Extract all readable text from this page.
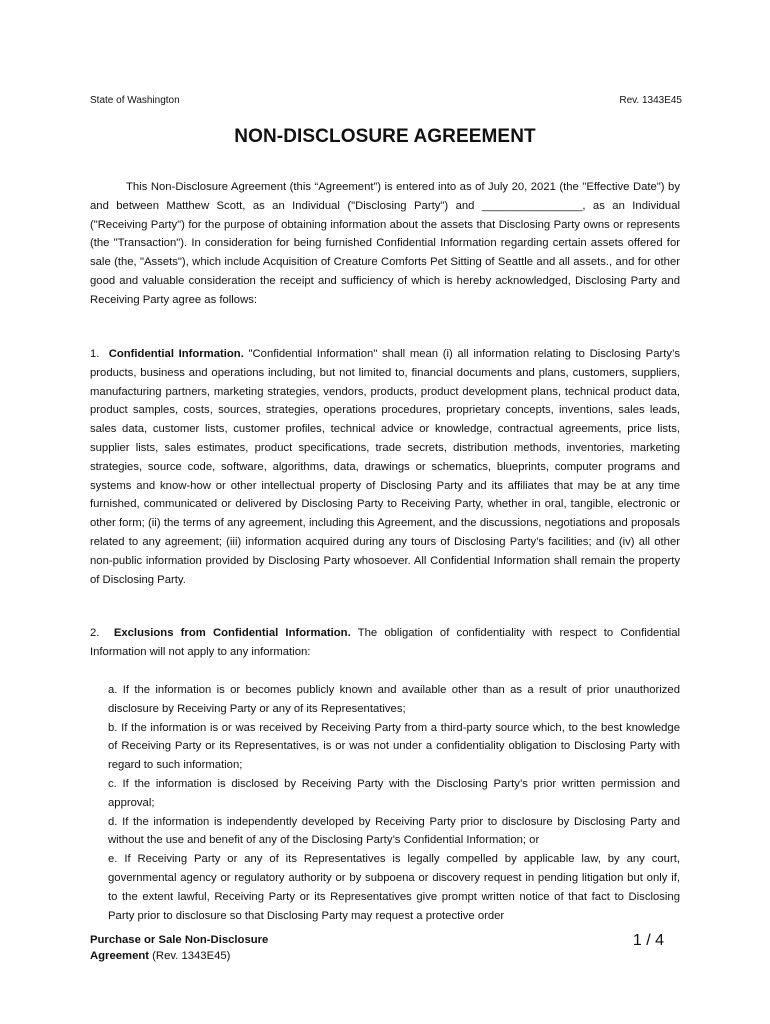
State of Washington	Rev. 1343E45
NON-DISCLOSURE AGREEMENT
This Non-Disclosure Agreement (this “Agreement”) is entered into as of July 20, 2021 (the "Effective Date") by and between Matthew Scott, as an Individual ("Disclosing Party") and ________________, as an Individual ("Receiving Party") for the purpose of obtaining information about the assets that Disclosing Party owns or represents (the "Transaction"). In consideration for being furnished Confidential Information regarding certain assets offered for sale (the, "Assets"), which include Acquisition of Creature Comforts Pet Sitting of Seattle and all assets., and for other good and valuable consideration the receipt and sufficiency of which is hereby acknowledged, Disclosing Party and Receiving Party agree as follows:
1. Confidential Information. "Confidential Information" shall mean (i) all information relating to Disclosing Party’s products, business and operations including, but not limited to, financial documents and plans, customers, suppliers, manufacturing partners, marketing strategies, vendors, products, product development plans, technical product data, product samples, costs, sources, strategies, operations procedures, proprietary concepts, inventions, sales leads, sales data, customer lists, customer profiles, technical advice or knowledge, contractual agreements, price lists, supplier lists, sales estimates, product specifications, trade secrets, distribution methods, inventories, marketing strategies, source code, software, algorithms, data, drawings or schematics, blueprints, computer programs and systems and know-how or other intellectual property of Disclosing Party and its affiliates that may be at any time furnished, communicated or delivered by Disclosing Party to Receiving Party, whether in oral, tangible, electronic or other form; (ii) the terms of any agreement, including this Agreement, and the discussions, negotiations and proposals related to any agreement; (iii) information acquired during any tours of Disclosing Party’s facilities; and (iv) all other non-public information provided by Disclosing Party whosoever. All Confidential Information shall remain the property of Disclosing Party.
2. Exclusions from Confidential Information. The obligation of confidentiality with respect to Confidential Information will not apply to any information:
a. If the information is or becomes publicly known and available other than as a result of prior unauthorized disclosure by Receiving Party or any of its Representatives;
b. If the information is or was received by Receiving Party from a third-party source which, to the best knowledge of Receiving Party or its Representatives, is or was not under a confidentiality obligation to Disclosing Party with regard to such information;
c. If the information is disclosed by Receiving Party with the Disclosing Party’s prior written permission and approval;
d. If the information is independently developed by Receiving Party prior to disclosure by Disclosing Party and without the use and benefit of any of the Disclosing Party’s Confidential Information; or
e. If Receiving Party or any of its Representatives is legally compelled by applicable law, by any court, governmental agency or regulatory authority or by subpoena or discovery request in pending litigation but only if, to the extent lawful, Receiving Party or its Representatives give prompt written notice of that fact to Disclosing Party prior to disclosure so that Disclosing Party may request a protective order
Purchase or Sale Non-Disclosure
Agreement (Rev. 1343E45)
1 / 4
